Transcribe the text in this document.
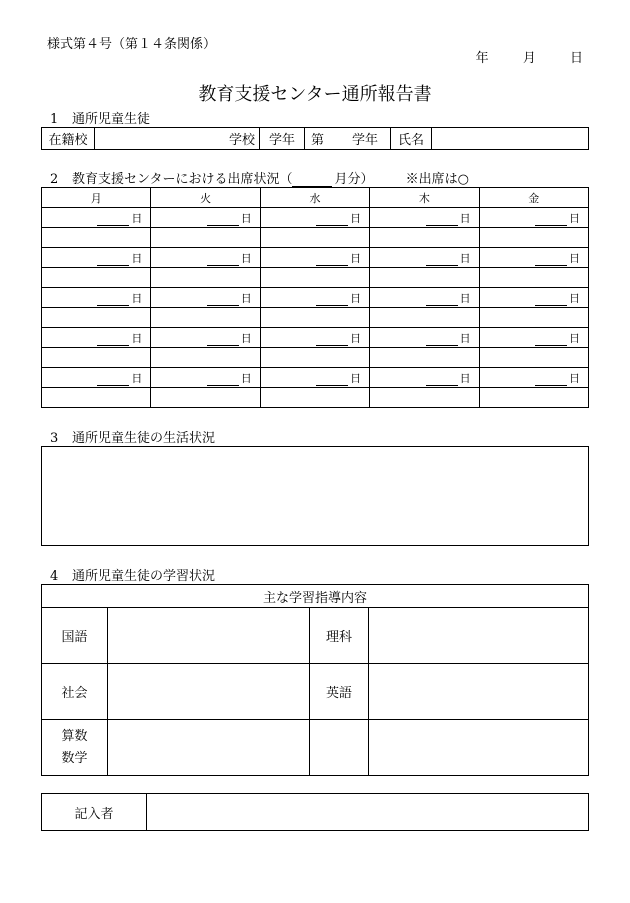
様式第４号（第１４条関係）
年	月	日
教育支援センター通所報告書
1 通所児童生徒
在籍校	学校	学年	第 学年	氏名	
2 教育支援センターにおける出席状況（	月分） ※出席は○
月	火	水	木	金
日	日	日	日	日

日	日	日	日	日

日	日	日	日	日

日	日	日	日	日

日	日	日	日	日

3 通所児童生徒の生活状況
4 通所児童生徒の学習状況
主な学習指導内容			
国語		理科	
社会		英語	

算数
数学			

記入者	
